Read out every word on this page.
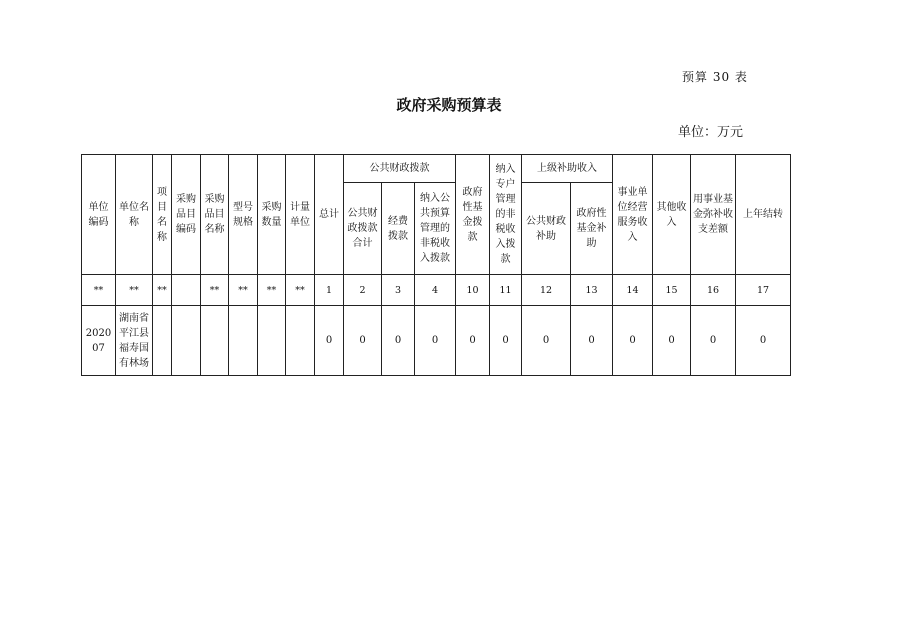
预算 30 表
政府采购预算表
单位：万元
单位编码	单位名称	项目名称	采购品目编码	采购品目名称	型号规格	采购数量	计量单位	总计	公共财政拨款			政府性基金拨款	纳入专户管理的非税收入拨款	上级补助收入		事业单位经营服务收入	其他收入	用事业基金弥补收支差额	上年结转
									公共财政拨款合计	经费拨款	纳入公共预算管理的非税收入拨款			公共财政补助	政府性基金补助				
**	**	**		**	**	**	**	1	2	3	4	10	11	12	13	14	15	16	17
202007	湖南省平江县福寿国有林场							0	0	0	0	0	0	0	0	0	0	0	0
